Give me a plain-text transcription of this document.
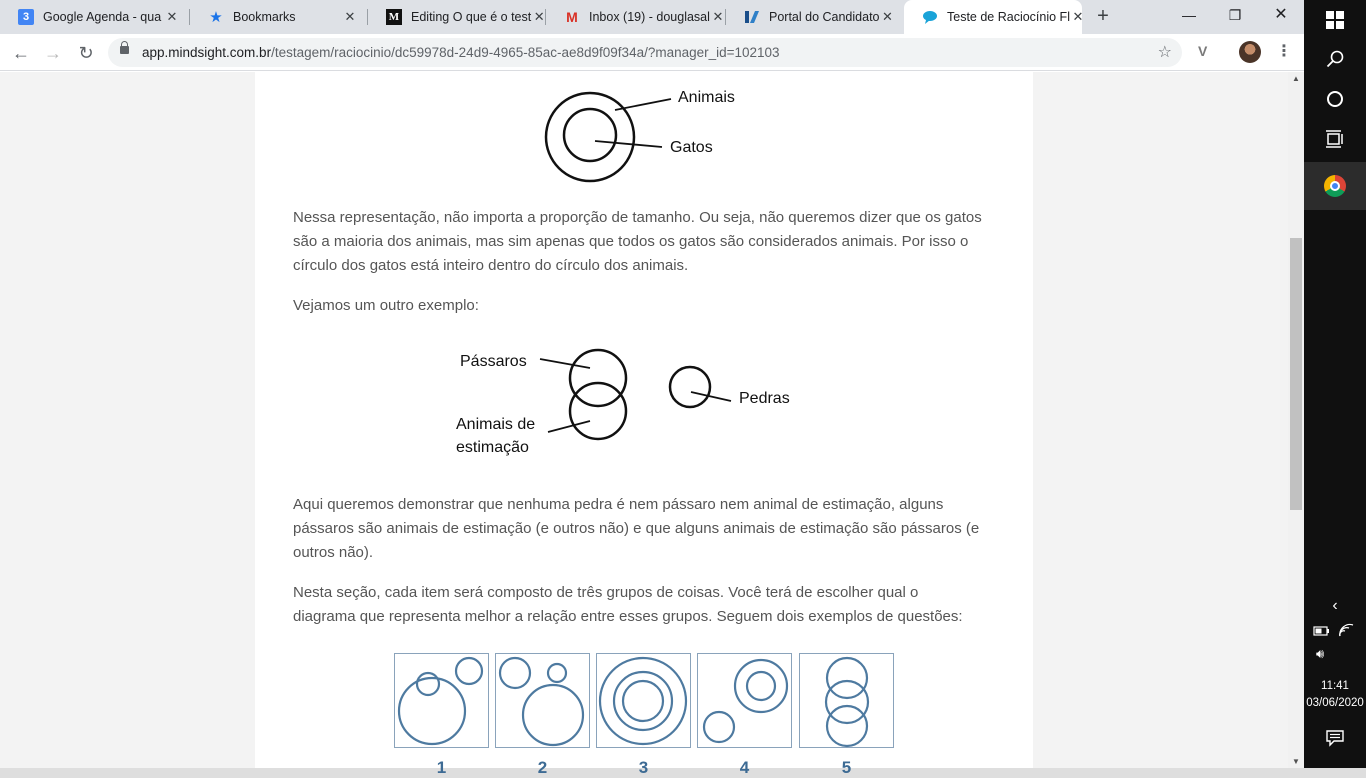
3	Google Agenda - qua ✕ ★ Bookmarks	✕	M Editing O que é o test ✕ M Inbox (19) - douglasal ✕	Portal do Candidato ✕	Teste de Raciocínio Fl ✕ +	—	❐	✕
← → ↻	app.mindsight.com.br/testagem/raciocinio/dc59978d-24d9-4965-85ac-ae8d9f09f34a/?manager_id=102103	☆ V	⋮
Animais
Gatos
Nessa representação, não importa a proporção de tamanho. Ou seja, não queremos dizer que os gatos são a maioria dos animais, mas sim apenas que todos os gatos são considerados animais. Por isso o círculo dos gatos está inteiro dentro do círculo dos animais.
Vejamos um outro exemplo:
Pássaros
Animais de
estimação
Pedras
Aqui queremos demonstrar que nenhuma pedra é nem pássaro nem animal de estimação, alguns pássaros são animais de estimação (e outros não) e que alguns animais de estimação são pássaros (e outros não).
Nesta seção, cada item será composto de três grupos de coisas. Você terá de escolher qual o diagrama que representa melhor a relação entre esses grupos. Seguem dois exemplos de questões:
1	2	3	4	5
▲
▼
‹
🔊︎
11:41
03/06/2020
